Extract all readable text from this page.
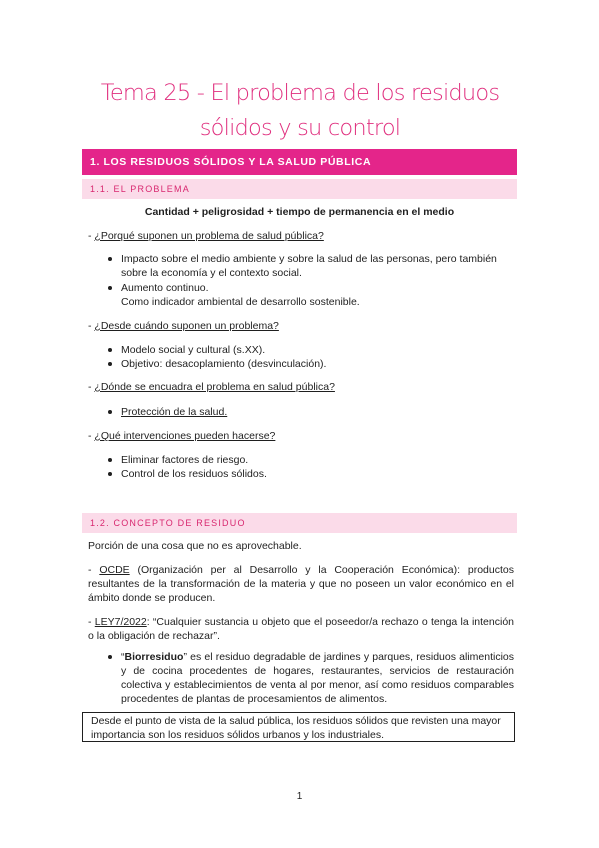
Tema 25 - El problema de los residuos sólidos y su control
1. LOS RESIDUOS SÓLIDOS Y LA SALUD PÚBLICA
1.1. EL PROBLEMA
Cantidad + peligrosidad + tiempo de permanencia en el medio
- ¿Porqué suponen un problema de salud pública?
Impacto sobre el medio ambiente y sobre la salud de las personas, pero también
sobre la economía y el contexto social.
Aumento continuo.
Como indicador ambiental de desarrollo sostenible.
- ¿Desde cuándo suponen un problema?
Modelo social y cultural (s.XX).
Objetivo: desacoplamiento (desvinculación).
- ¿Dónde se encuadra el problema en salud pública?
Protección de la salud.
- ¿Qué intervenciones pueden hacerse?
Eliminar factores de riesgo.
Control de los residuos sólidos.
1.2. CONCEPTO DE RESIDUO
Porción de una cosa que no es aprovechable.
- OCDE (Organización per al Desarrollo y la Cooperación Económica): productos resultantes de la transformación de la materia y que no poseen un valor económico en el ámbito donde se producen.
- LEY7/2022: “Cualquier sustancia u objeto que el poseedor/a rechazo o tenga la intención o la obligación de rechazar”.
“Biorresiduo” es el residuo degradable de jardines y parques, residuos alimenticios y de cocina procedentes de hogares, restaurantes, servicios de restauración colectiva y establecimientos de venta al por menor, así como residuos comparables procedentes de plantas de procesamientos de alimentos.
Desde el punto de vista de la salud pública, los residuos sólidos que revisten una mayor importancia son los residuos sólidos urbanos y los industriales.
1
